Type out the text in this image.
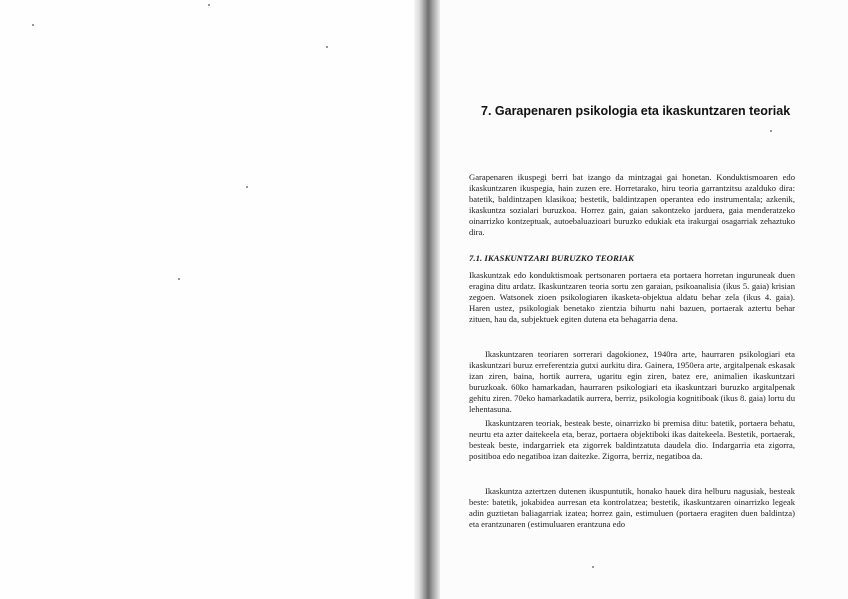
7. Garapenaren psikologia eta ikaskuntzaren teoriak

Garapenaren ikuspegi berri bat izango da mintzagai gai honetan. Konduktismoaren edo ikaskuntzaren ikuspegia, hain zuzen ere. Horretarako, hiru teoria garrantzitsu azalduko dira: batetik, baldintzapen klasikoa; bestetik, baldintzapen operantea edo instrumentala; azkenik, ikaskuntza sozialari buruzkoa. Horrez gain, gaian sakontzeko jarduera, gaia menderatzeko oinarrizko kontzeptuak, autoebaluazioari buruzko edukiak eta irakurgai osagarriak zehaztuko dira.

7.1. IKASKUNTZARI BURUZKO TEORIAK

Ikaskuntzak edo konduktismoak pertsonaren portaera eta portaera horretan inguruneak duen eragina ditu ardatz. Ikaskuntzaren teoria sortu zen garaian, psikoanalisia (ikus 5. gaia) krisian zegoen. Watsonek zioen psikologiaren ikasketa-objektua aldatu behar zela (ikus 4. gaia). Haren ustez, psikologiak benetako zientzia bihurtu nahi bazuen, portaerak aztertu behar zituen, hau da, subjektuek egiten dutena eta behagarria dena.

Ikaskuntzaren teoriaren sorrerari dagokionez, 1940ra arte, haurraren psikologiari eta ikaskuntzari buruz erreferentzia gutxi aurkitu dira. Gainera, 1950era arte, argitalpenak eskasak izan ziren, baina, hortik aurrera, ugaritu egin ziren, batez ere, animalien ikaskuntzari buruzkoak. 60ko hamarkadan, haurraren psikologiari eta ikaskuntzari buruzko argitalpenak gehitu ziren. 70eko hamarkadatik aurrera, berriz, psikologia kognitiboak (ikus 8. gaia) lortu du lehentasuna.

Ikaskuntzaren teoriak, besteak beste, oinarrizko bi premisa ditu: batetik, portaera behatu, neurtu eta azter daitekeela eta, beraz, portaera objektiboki ikas daitekeela. Bestetik, portaerak, besteak beste, indargarriek eta zigorrek baldintzatuta daudela dio. Indargarria eta zigorra, positiboa edo negatiboa izan daitezke. Zigorra, berriz, negatiboa da.

Ikaskuntza aztertzen dutenen ikuspuntutik, honako hauek dira helburu nagusiak, besteak beste: batetik, jokabidea aurresan eta kontrolatzea; bestetik, ikaskuntzaren oinarrizko legeak adin guztietan baliagarriak izatea; horrez gain, estimuluen (portaera eragiten duen baldintza) eta erantzunaren (estimuluaren erantzuna edo
